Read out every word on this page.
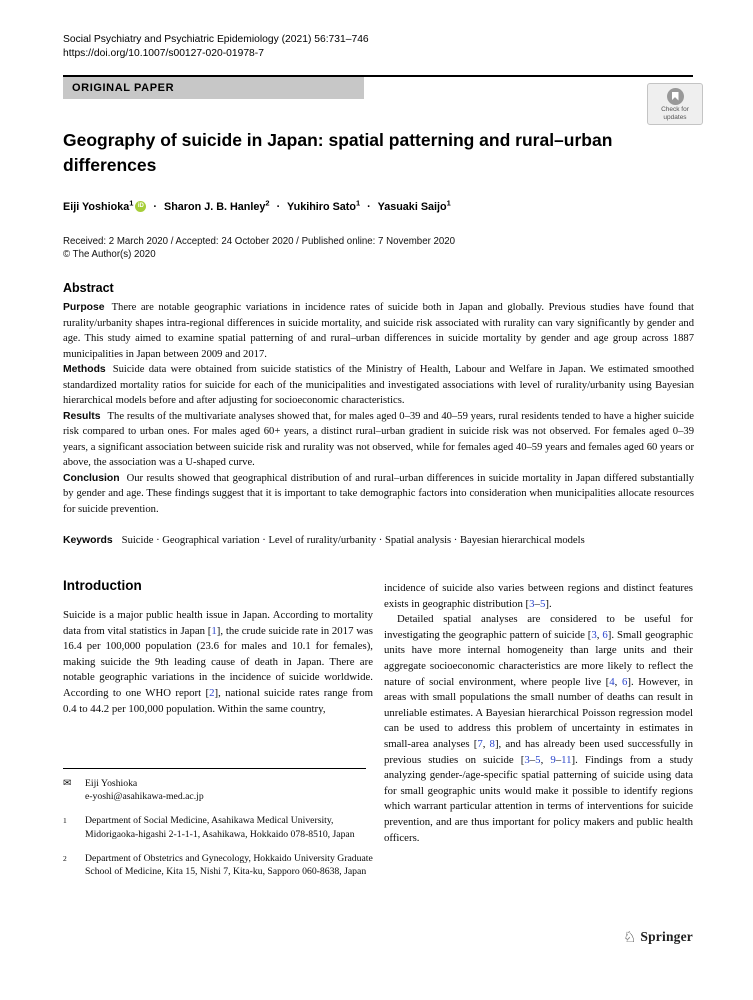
Social Psychiatry and Psychiatric Epidemiology (2021) 56:731–746
https://doi.org/10.1007/s00127-020-01978-7
ORIGINAL PAPER
Check for
updates
Geography of suicide in Japan: spatial patterning and rural–urban differences
Eiji Yoshioka$^1$ iD · Sharon J. B. Hanley$^2$ · Yukihiro Sato$^1$ · Yasuaki Saijo$^1$
Received: 2 March 2020 / Accepted: 24 October 2020 / Published online: 7 November 2020
© The Author(s) 2020
Abstract

Purpose There are notable geographic variations in incidence rates of suicide both in Japan and globally. Previous studies have found that rurality/urbanity shapes intra-regional differences in suicide mortality, and suicide risk associated with rurality can vary significantly by gender and age. This study aimed to examine spatial patterning of and rural–urban differences in suicide mortality by gender and age group across 1887 municipalities in Japan between 2009 and 2017.

Methods Suicide data were obtained from suicide statistics of the Ministry of Health, Labour and Welfare in Japan. We estimated smoothed standardized mortality ratios for suicide for each of the municipalities and investigated associations with level of rurality/urbanity using Bayesian hierarchical models before and after adjusting for socioeconomic characteristics.

Results The results of the multivariate analyses showed that, for males aged 0–39 and 40–59 years, rural residents tended to have a higher suicide risk compared to urban ones. For males aged 60+ years, a distinct rural–urban gradient in suicide risk was not observed. For females aged 0–39 years, a significant association between suicide risk and rurality was not observed, while for females aged 40–59 years and females aged 60 years or above, the association was a U-shaped curve.

Conclusion Our results showed that geographical distribution of and rural–urban differences in suicide mortality in Japan differed substantially by gender and age. These findings suggest that it is important to take demographic factors into consideration when municipalities allocate resources for suicide prevention.

Keywords Suicide · Geographical variation · Level of rurality/urbanity · Spatial analysis · Bayesian hierarchical models

Introduction

Suicide is a major public health issue in Japan. According to mortality data from vital statistics in Japan [1], the crude suicide rate in 2017 was 16.4 per 100,000 population (23.6 for males and 10.1 for females), making suicide the 9th leading cause of death in Japan. There are notable geographic variations in the incidence of suicide worldwide. According to one WHO report [2], national suicide rates range from 0.4 to 44.2 per 100,000 population. Within the same country,

incidence of suicide also varies between regions and distinct features exists in geographic distribution [3–5].

Detailed spatial analyses are considered to be useful for investigating the geographic pattern of suicide [3, 6]. Small geographic units have more internal homogeneity than large units and their aggregate socioeconomic characteristics are more likely to reflect the nature of social environment, where people live [4, 6]. However, in areas with small populations the small number of deaths can result in unreliable estimates. A Bayesian hierarchical Poisson regression model can be used to address this problem of uncertainty in estimates in small-area analyses [7, 8], and has already been used successfully in previous studies on suicide [3–5, 9–11]. Findings from a study analyzing gender-/age-specific spatial patterning of suicide using data for small geographic units would make it possible to identify regions which warrant particular attention in terms of interventions for suicide prevention, and are thus important for policy makers and public health officers.

✉	Eiji Yoshioka
e-yoshi@asahikawa-med.ac.jp
$^1$	Department of Social Medicine, Asahikawa Medical University, Midorigaoka-higashi 2-1-1-1, Asahikawa, Hokkaido 078-8510, Japan
$^2$	Department of Obstetrics and Gynecology, Hokkaido University Graduate School of Medicine, Kita 15, Nishi 7, Kita-ku, Sapporo 060-8638, Japan
♘ Springer
